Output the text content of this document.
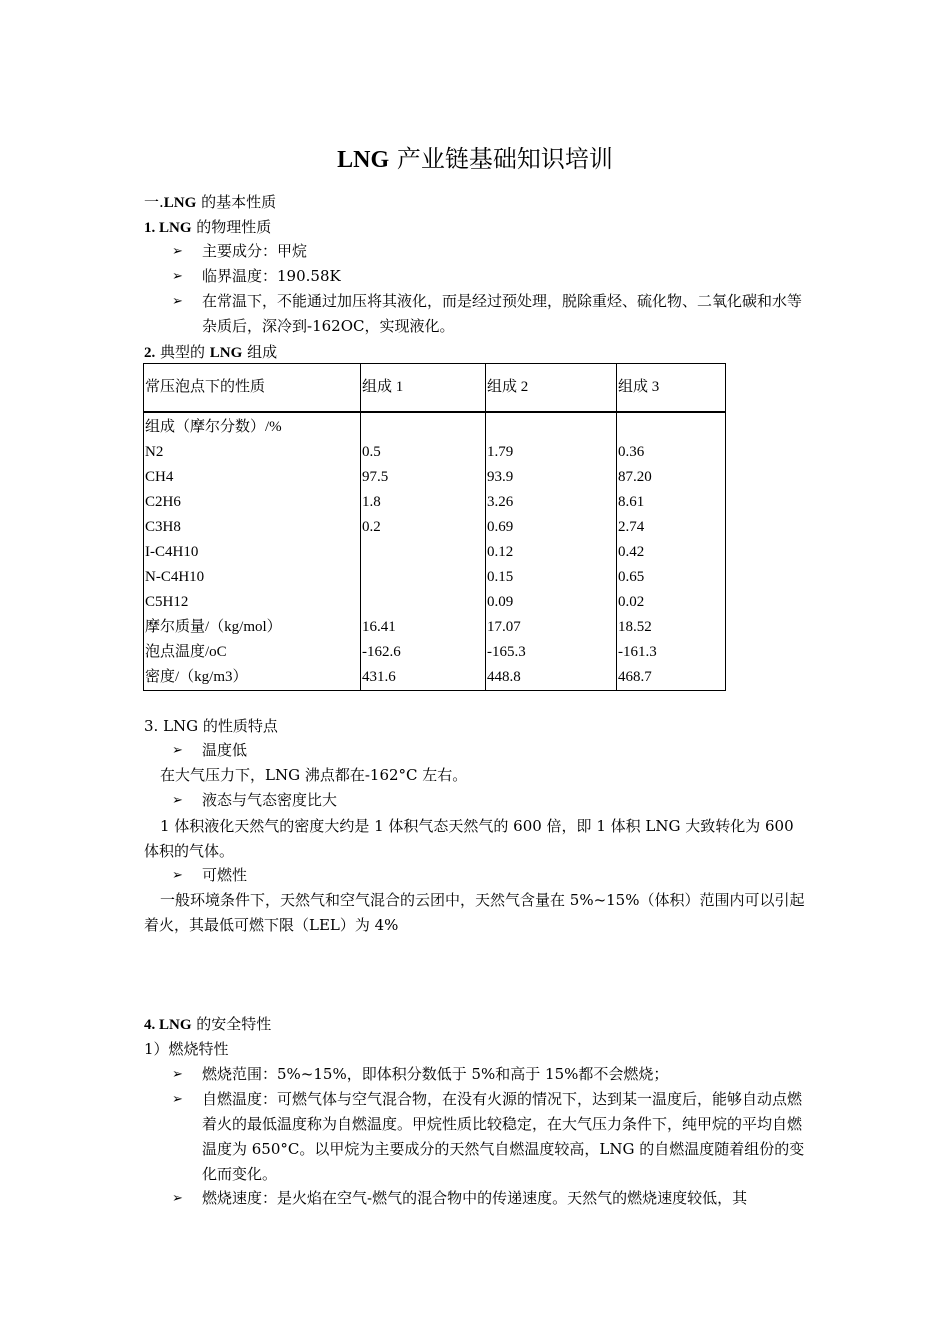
LNG 产业链基础知识培训
一.LNG 的基本性质
1. LNG 的物理性质
➢	主要成分：甲烷
➢	临界温度：190.58K
➢	在常温下，不能通过加压将其液化，而是经过预处理，脱除重烃、硫化物、二氧化碳和水等杂质后，深冷到-162OC，实现液化。
2. 典型的 LNG 组成
常压泡点下的性质	组成 1	组成 2	组成 3
组成（摩尔分数）/%			
N2	0.5	1.79	0.36
CH4	97.5	93.9	87.20
C2H6	1.8	3.26	8.61
C3H8	0.2	0.69	2.74
I-C4H10		0.12	0.42
N-C4H10		0.15	0.65
C5H12		0.09	0.02
摩尔质量/（kg/mol）	16.41	17.07	18.52
泡点温度/oC	-162.6	-165.3	-161.3
密度/（kg/m3）	431.6	448.8	468.7
3. LNG 的性质特点
➢	温度低
在大气压力下，LNG 沸点都在-162°C 左右。
➢	液态与气态密度比大
1 体积液化天然气的密度大约是 1 体积气态天然气的 600 倍，即 1 体积 LNG 大致转化为 600 体积的气体。
➢	可燃性
一般环境条件下，天然气和空气混合的云团中，天然气含量在 5%~15%（体积）范围内可以引起着火，其最低可燃下限（LEL）为 4%
4. LNG 的安全特性
1）燃烧特性
➢	燃烧范围：5%~15%，即体积分数低于 5%和高于 15%都不会燃烧；
➢	自燃温度：可燃气体与空气混合物，在没有火源的情况下，达到某一温度后，能够自动点燃着火的最低温度称为自燃温度。甲烷性质比较稳定，在大气压力条件下，纯甲烷的平均自燃温度为 650°C。以甲烷为主要成分的天然气自燃温度较高，LNG 的自燃温度随着组份的变化而变化。
➢	燃烧速度：是火焰在空气-燃气的混合物中的传递速度。天然气的燃烧速度较低，其
